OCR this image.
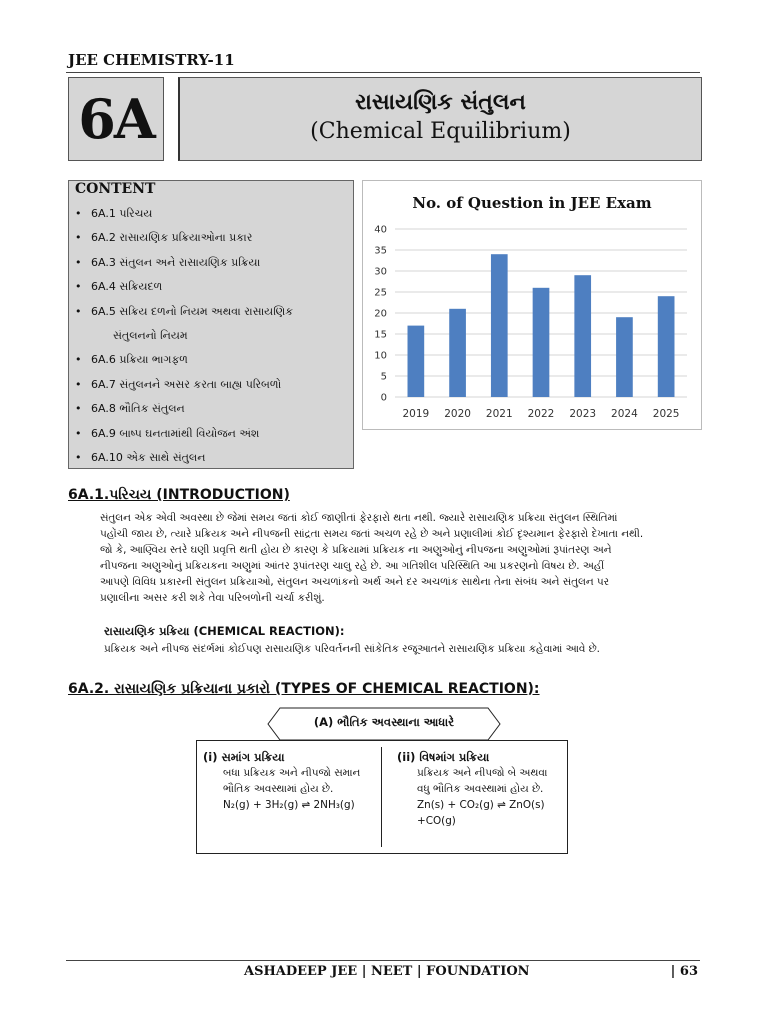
JEE CHEMISTRY-11
6A	રાસાયણિક સંતુલન
(Chemical Equilibrium)
CONTENT
• 6A.1 પરિચય
• 6A.2 રાસાયણિક પ્રક્રિયાઓના પ્રકાર
• 6A.3 સંતુલન અને રાસાયણિક પ્રક્રિયા
• 6A.4 સક્રિયદળ
• 6A.5 સક્રિય દળનો નિયમ અથવા રાસાયણિક
સંતુલનનો નિયમ
• 6A.6 પ્રક્રિયા ભાગફળ
• 6A.7 સંતુલનને અસર કરતા બાહ્ય પરિબળો
• 6A.8 ભૌતિક સંતુલન
• 6A.9 બાષ્પ ઘનતામાંથી વિયોજન અંશ
• 6A.10 એક સાથે સંતુલન
No. of Question in JEE Exam
0
5
10
15
20
25
30
35
40
2019 2020 2021 2022 2023 2024 2025
6A.1.પરિચય (INTRODUCTION)
સંતુલન એક એવી અવસ્થા છે જેમાં સમય જતાં કોઈ જાણીતાં ફેરફારો થતા નથી. જ્યારે રાસાયણિક પ્રક્રિયા સંતુલન સ્થિતિમાં
પહોંચી જાય છે, ત્યારે પ્રક્રિયક અને નીપજની સાંદ્રતા સમય જતાં અચળ રહે છે અને પ્રણાલીમાં કોઈ દૃશ્યમાન ફેરફારો દેખાતા નથી.
જો કે, આણ્વિય સ્તરે ઘણી પ્રવૃત્તિ થતી હોય છે કારણ કે પ્રક્રિયામાં પ્રક્રિયક ના અણુઓનું નીપજના અણુઓમાં રૂપાંતરણ અને
નીપજના અણુઓનું પ્રક્રિયકના અણુમાં આંતર રૂપાંતરણ ચાલુ રહે છે. આ ગતિશીલ પરિસ્થિતિ આ પ્રકરણનો વિષય છે. અહીં
આપણે વિવિધ પ્રકારની સંતુલન પ્રક્રિયાઓ, સંતુલન અચળાંકનો અર્થ અને દર અચળાંક સાથેના તેના સંબંધ અને સંતુલન પર
પ્રણાલીના અસર કરી શકે તેવા પરિબળોની ચર્ચા કરીશું.
રાસાયણિક પ્રક્રિયા (CHEMICAL REACTION):
પ્રક્રિયક અને નીપજ સંદર્ભમાં કોઈપણ રાસાયણિક પરિવર્તનની સાંકેતિક રજૂઆતને રાસાયણિક પ્રક્રિયા કહેવામાં આવે છે.
6A.2. રાસાયણિક પ્રક્રિયાના પ્રકારો (TYPES OF CHEMICAL REACTION):
(A) ભૌતિક અવસ્થાના આધારે
(i) સમાંગ પ્રક્રિયા
બધા પ્રક્રિયક અને નીપજો સમાન
ભૌતિક અવસ્થામાં હોય છે.
N₂(g) + 3H₂(g) ⇌ 2NH₃(g)
(ii) વિષમાંગ પ્રક્રિયા
પ્રક્રિયક અને નીપજો બે અથવા
વધુ ભૌતિક અવસ્થામાં હોય છે.
Zn(s) + CO₂(g) ⇌ ZnO(s)
+CO(g)
ASHADEEP JEE | NEET | FOUNDATION	| 63
